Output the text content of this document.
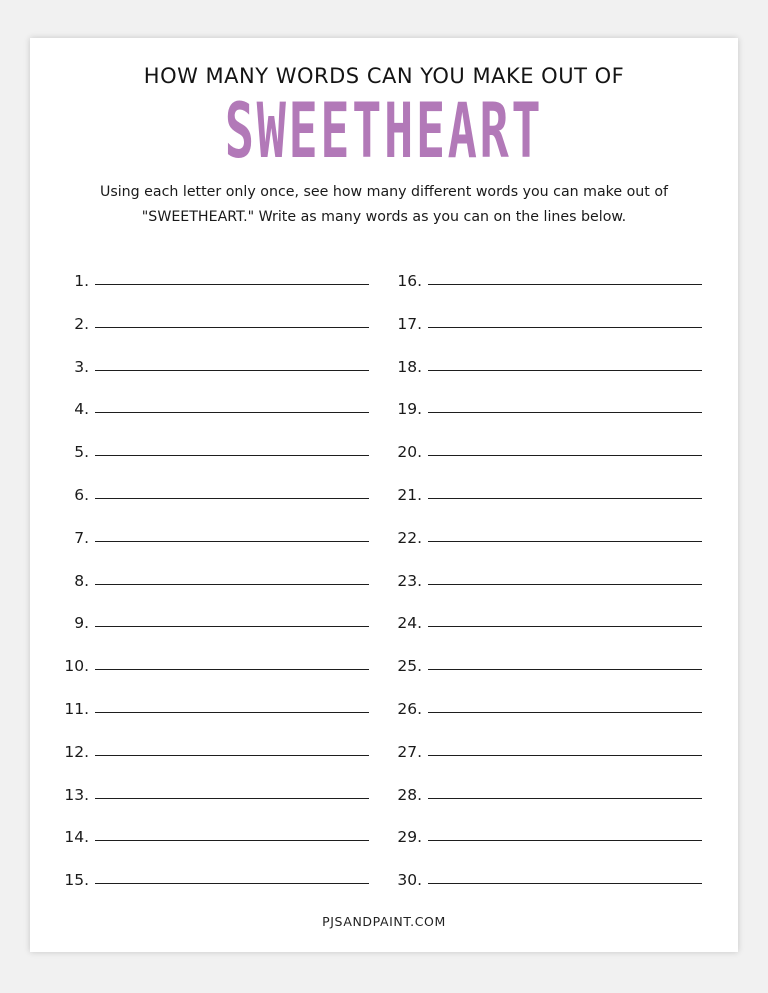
HOW MANY WORDS CAN YOU MAKE OUT OF
SWEETHEART
Using each letter only once, see how many different words you can make out of
"SWEETHEART." Write as many words as you can on the lines below.
1.
2.
3.
4.
5.
6.
7.
8.
9.
10.
11.
12.
13.
14.
15.
16.
17.
18.
19.
20.
21.
22.
23.
24.
25.
26.
27.
28.
29.
30.
PJSANDPAINT.COM
